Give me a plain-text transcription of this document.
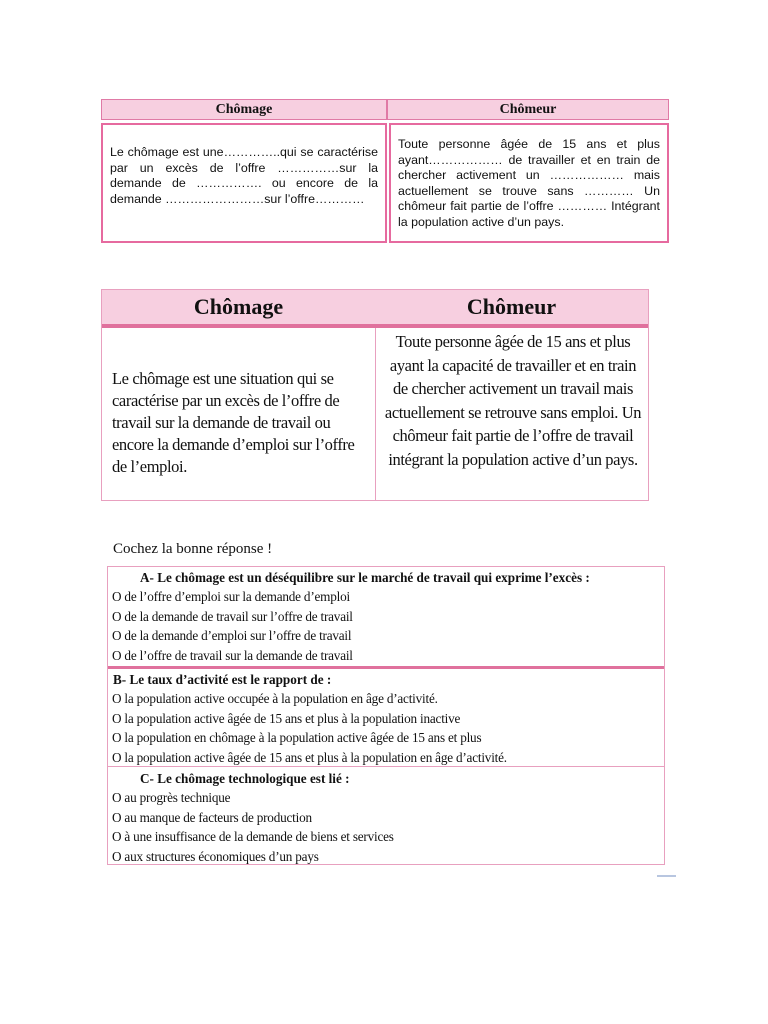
Chômage	Chômeur
Le chômage est une…………..qui se caractérise par un excès de l’offre ……………sur la demande de ……………. ou encore de la demande ……………………sur l’offre…………
Toute personne âgée de 15 ans et plus ayant……………… de travailler et en train de chercher activement un ……………… mais actuellement se trouve sans ………… Un chômeur fait partie de l’offre ………… Intégrant la population active d’un pays.
Chômage	Chômeur
Le chômage est une situation qui se caractérise par un excès de l’offre de travail sur la demande de travail ou encore la demande d’emploi sur l’offre de l’emploi.
Toute personne âgée de 15 ans et plus ayant la capacité de travailler et en train de chercher activement un travail mais actuellement se retrouve sans emploi. Un chômeur fait partie de l’offre de travail intégrant la population active d’un pays.
Cochez la bonne réponse !
A- Le chômage est un déséquilibre sur le marché de travail qui exprime l’excès :
O de l’offre d’emploi sur la demande d’emploi
O de la demande de travail sur l’offre de travail
O de la demande d’emploi sur l’offre de travail
O de l’offre de travail sur la demande de travail
B- Le taux d’activité est le rapport de :
O la population active occupée à la population en âge d’activité.
O la population active âgée de 15 ans et plus à la population inactive
O la population en chômage à la population active âgée de 15 ans et plus
O la population active âgée de 15 ans et plus à la population en âge d’activité.
C- Le chômage technologique est lié :
O au progrès technique
O au manque de facteurs de production
O à une insuffisance de la demande de biens et services
O aux structures économiques d’un pays
